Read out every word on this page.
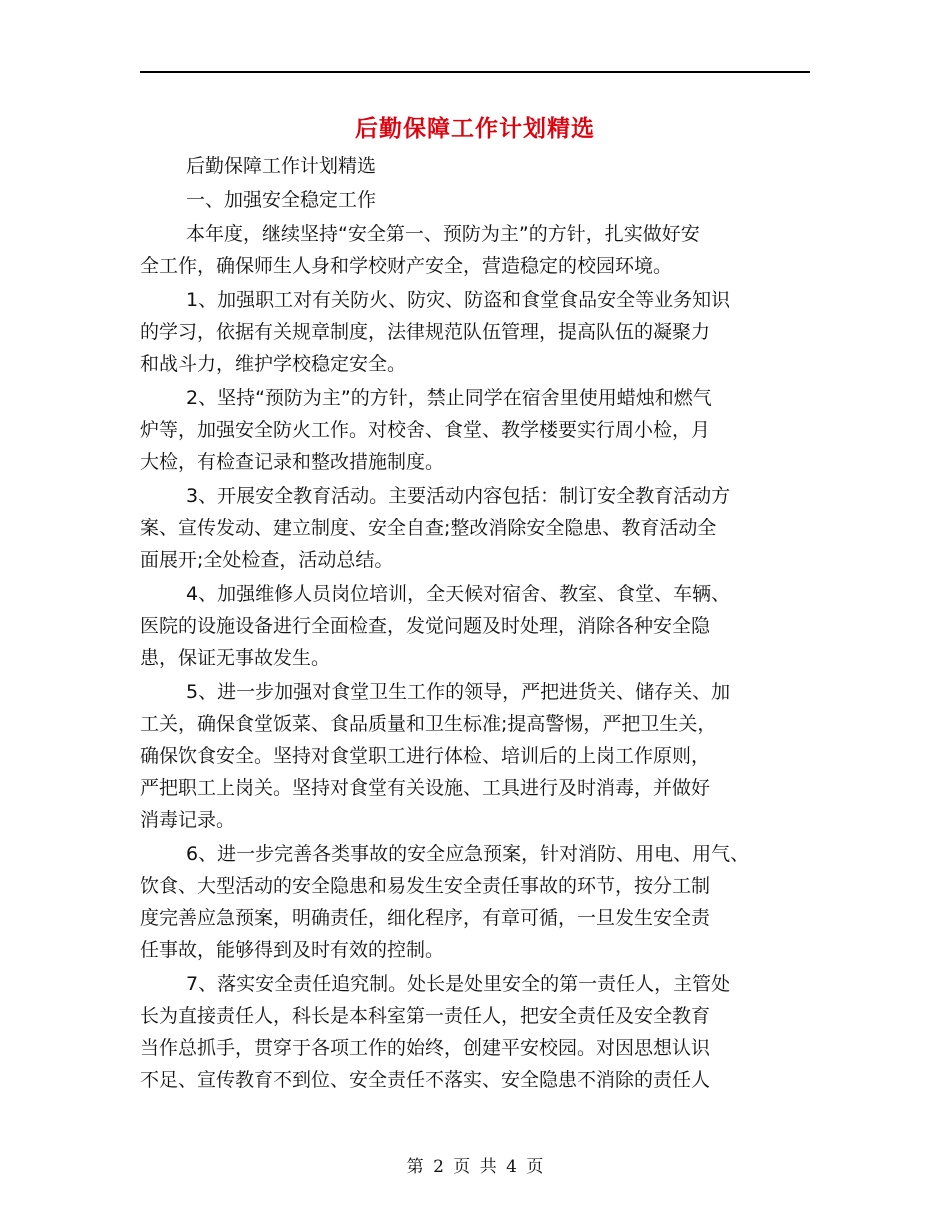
后勤保障工作计划精选
后勤保障工作计划精选
一、加强安全稳定工作
本年度，继续坚持“安全第一、预防为主”的方针，扎实做好安
全工作，确保师生人身和学校财产安全，营造稳定的校园环境。
1、加强职工对有关防火、防灾、防盗和食堂食品安全等业务知识
的学习，依据有关规章制度，法律规范队伍管理，提高队伍的凝聚力
和战斗力，维护学校稳定安全。
2、坚持“预防为主”的方针，禁止同学在宿舍里使用蜡烛和燃气
炉等，加强安全防火工作。对校舍、食堂、教学楼要实行周小检，月
大检，有检查记录和整改措施制度。
3、开展安全教育活动。主要活动内容包括：制订安全教育活动方
案、宣传发动、建立制度、安全自查;整改消除安全隐患、教育活动全
面展开;全处检查，活动总结。
4、加强维修人员岗位培训，全天候对宿舍、教室、食堂、车辆、
医院的设施设备进行全面检查，发觉问题及时处理，消除各种安全隐
患，保证无事故发生。
5、进一步加强对食堂卫生工作的领导，严把进货关、储存关、加
工关，确保食堂饭菜、食品质量和卫生标准;提高警惕，严把卫生关，
确保饮食安全。坚持对食堂职工进行体检、培训后的上岗工作原则，
严把职工上岗关。坚持对食堂有关设施、工具进行及时消毒，并做好
消毒记录。
6、进一步完善各类事故的安全应急预案，针对消防、用电、用气、
饮食、大型活动的安全隐患和易发生安全责任事故的环节，按分工制
度完善应急预案，明确责任，细化程序，有章可循，一旦发生安全责
任事故，能够得到及时有效的控制。
7、落实安全责任追究制。处长是处里安全的第一责任人，主管处
长为直接责任人，科长是本科室第一责任人，把安全责任及安全教育
当作总抓手，贯穿于各项工作的始终，创建平安校园。对因思想认识
不足、宣传教育不到位、安全责任不落实、安全隐患不消除的责任人
第 2 页 共 4 页
